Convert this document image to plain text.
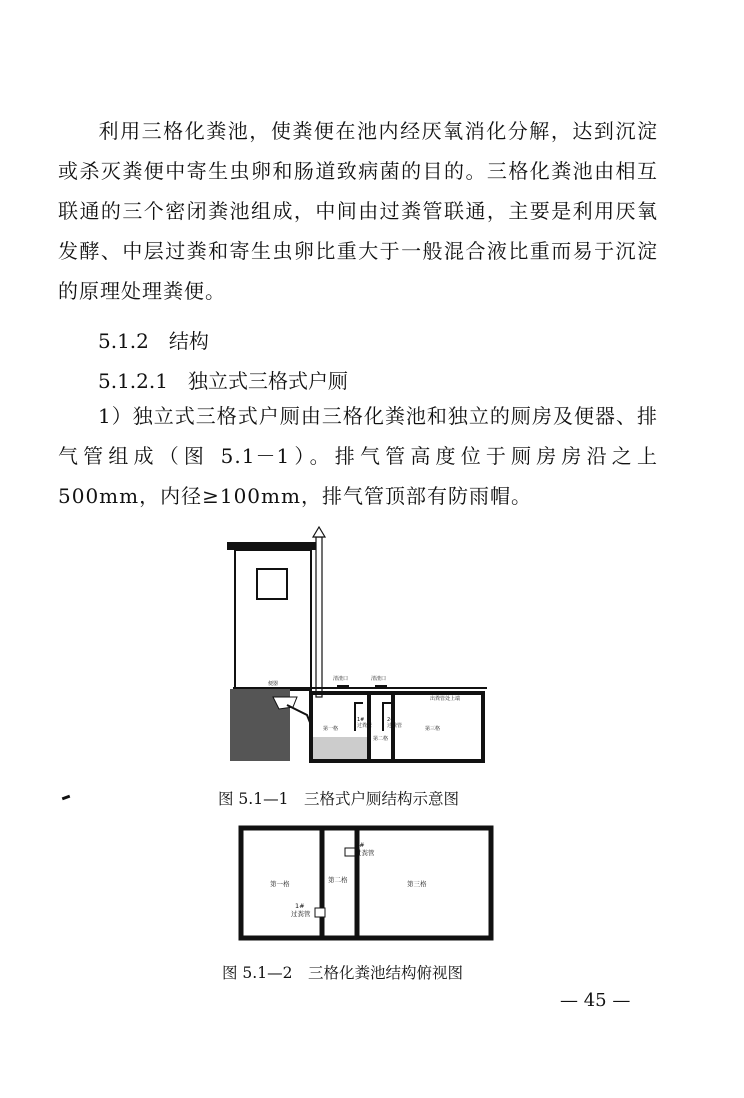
利用三格化粪池，使粪便在池内经厌氧消化分解，达到沉淀或杀灭粪便中寄生虫卵和肠道致病菌的目的。三格化粪池由相互联通的三个密闭粪池组成，中间由过粪管联通，主要是利用厌氧发酵、中层过粪和寄生虫卵比重大于一般混合液比重而易于沉淀的原理处理粪便。

5.1.2　结构

5.1.2.1　独立式三格式户厕

1）独立式三格式户厕由三格化粪池和独立的厕房及便器、排气管组成（图 5.1－1）。排气管高度位于厕房房沿之上500mm，内径≥100mm，排气管顶部有防雨帽。

便器
清渣口	清渣口
出粪管处上端
第一格
第二格
第三格
1#
过粪管
2#
过粪管

图 5.1—1　三格式户厕结构示意图

2#
过粪管
1#
过粪管
第一格	第二格	第三格

图 5.1—2　三格化粪池结构俯视图

— 45 —
